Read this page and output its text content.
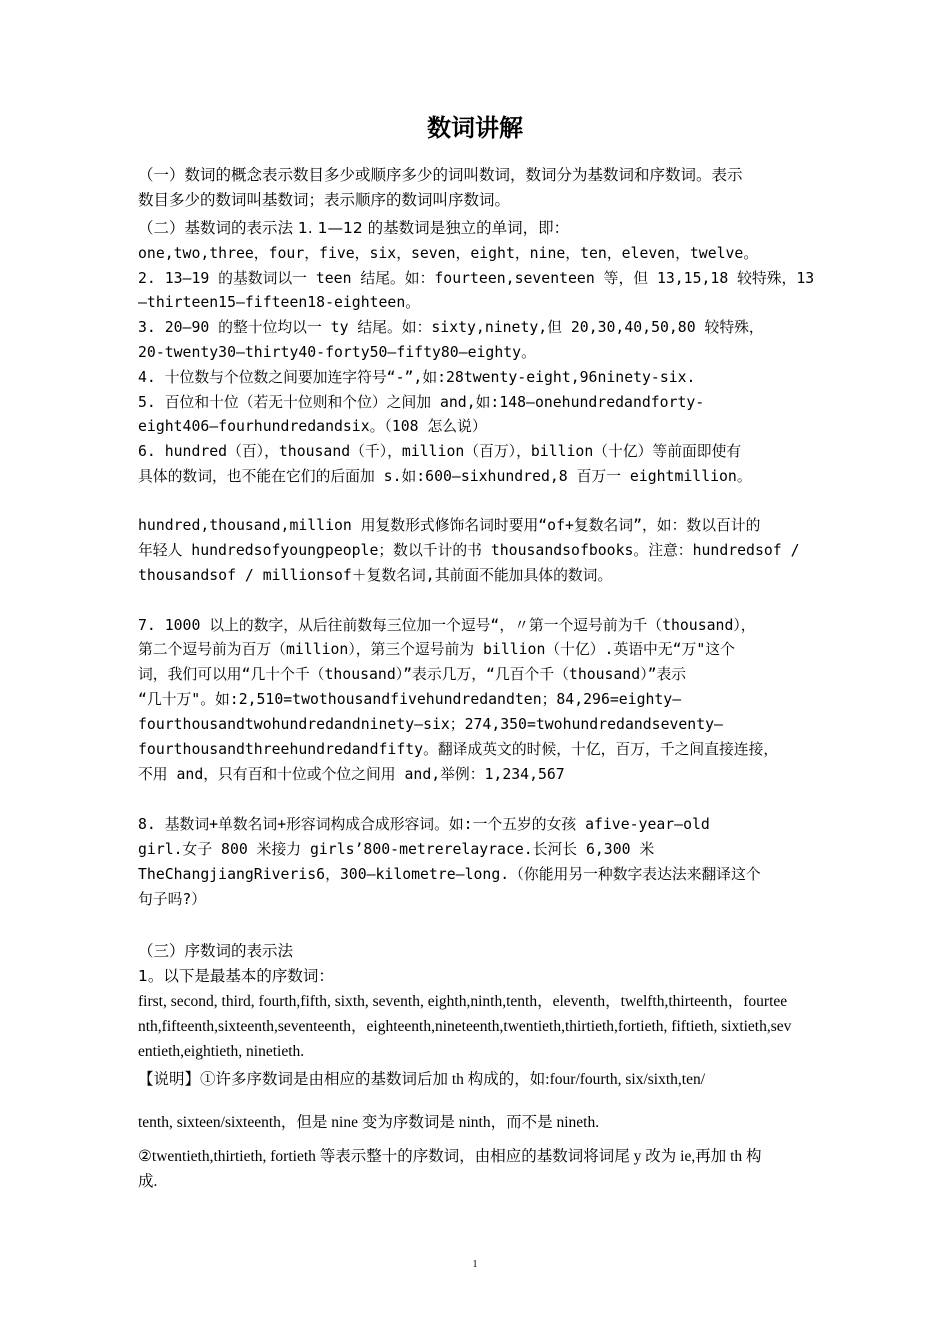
数词讲解
（一）数词的概念表示数目多少或顺序多少的词叫数词，数词分为基数词和序数词。表示
数目多少的数词叫基数词；表示顺序的数词叫序数词。
（二）基数词的表示法 1. 1—12 的基数词是独立的单词，即：
one,two,three，four，five，six，seven，eight，nine，ten，eleven，twelve。
2. 13—19 的基数词以一 teen 结尾。如：fourteen,seventeen 等，但 13,15,18 较特殊，13
—thirteen15—fifteen18-eighteen。
3. 20—90 的整十位均以一 ty 结尾。如：sixty,ninety,但 20,30,40,50,80 较特殊，
20-twenty30—thirty40-forty50—fifty80—eighty。
4. 十位数与个位数之间要加连字符号“-”,如:28twenty-eight,96ninety-six.
5. 百位和十位（若无十位则和个位）之间加 and,如:148—onehundredandforty-
eight406—fourhundredandsix。（108 怎么说）
6. hundred（百），thousand（千），million（百万），billion（十亿）等前面即使有
具体的数词，也不能在它们的后面加 s.如:600—sixhundred,8 百万一 eightmillion。
hundred,thousand,million 用复数形式修饰名词时要用“of+复数名词”，如：数以百计的
年轻人 hundredsofyoungpeople；数以千计的书 thousandsofbooks。注意：hundredsof /
thousandsof / millionsof＋复数名词,其前面不能加具体的数词。
7. 1000 以上的数字，从后往前数每三位加一个逗号“，〃第一个逗号前为千（thousand），
第二个逗号前为百万（million），第三个逗号前为 billion（十亿）.英语中无“万"这个
词，我们可以用“几十个千（thousand）”表示几万，“几百个千（thousand）”表示
“几十万"。如:2,510=twothousandfivehundredandten；84,296=eighty—
fourthousandtwohundredandninety—six；274,350=twohundredandseventy—
fourthousandthreehundredandfifty。翻译成英文的时候，十亿，百万，千之间直接连接，
不用 and，只有百和十位或个位之间用 and,举例：1,234,567
8. 基数词+单数名词+形容词构成合成形容词。如:一个五岁的女孩 afive-year—old
girl.女子 800 米接力 girls’800-metrerelayrace.长河长 6,300 米
TheChangjiangRiveris6，300—kilometre—long.（你能用另一种数字表达法来翻译这个
句子吗?）
（三）序数词的表示法
1。以下是最基本的序数词：
first, second, third, fourth,fifth, sixth, seventh, eighth,ninth,tenth，eleventh，twelfth,thirteenth，fourtee
nth,fifteenth,sixteenth,seventeenth，eighteenth,nineteenth,twentieth,thirtieth,fortieth, fiftieth, sixtieth,sev
entieth,eightieth, ninetieth.
【说明】①许多序数词是由相应的基数词后加 th 构成的，如:four/fourth, six/sixth,ten/
tenth, sixteen/sixteenth，但是 nine 变为序数词是 ninth，而不是 nineth.
②twentieth,thirtieth, fortieth 等表示整十的序数词，由相应的基数词将词尾 y 改为 ie,再加 th 构
成.
1
